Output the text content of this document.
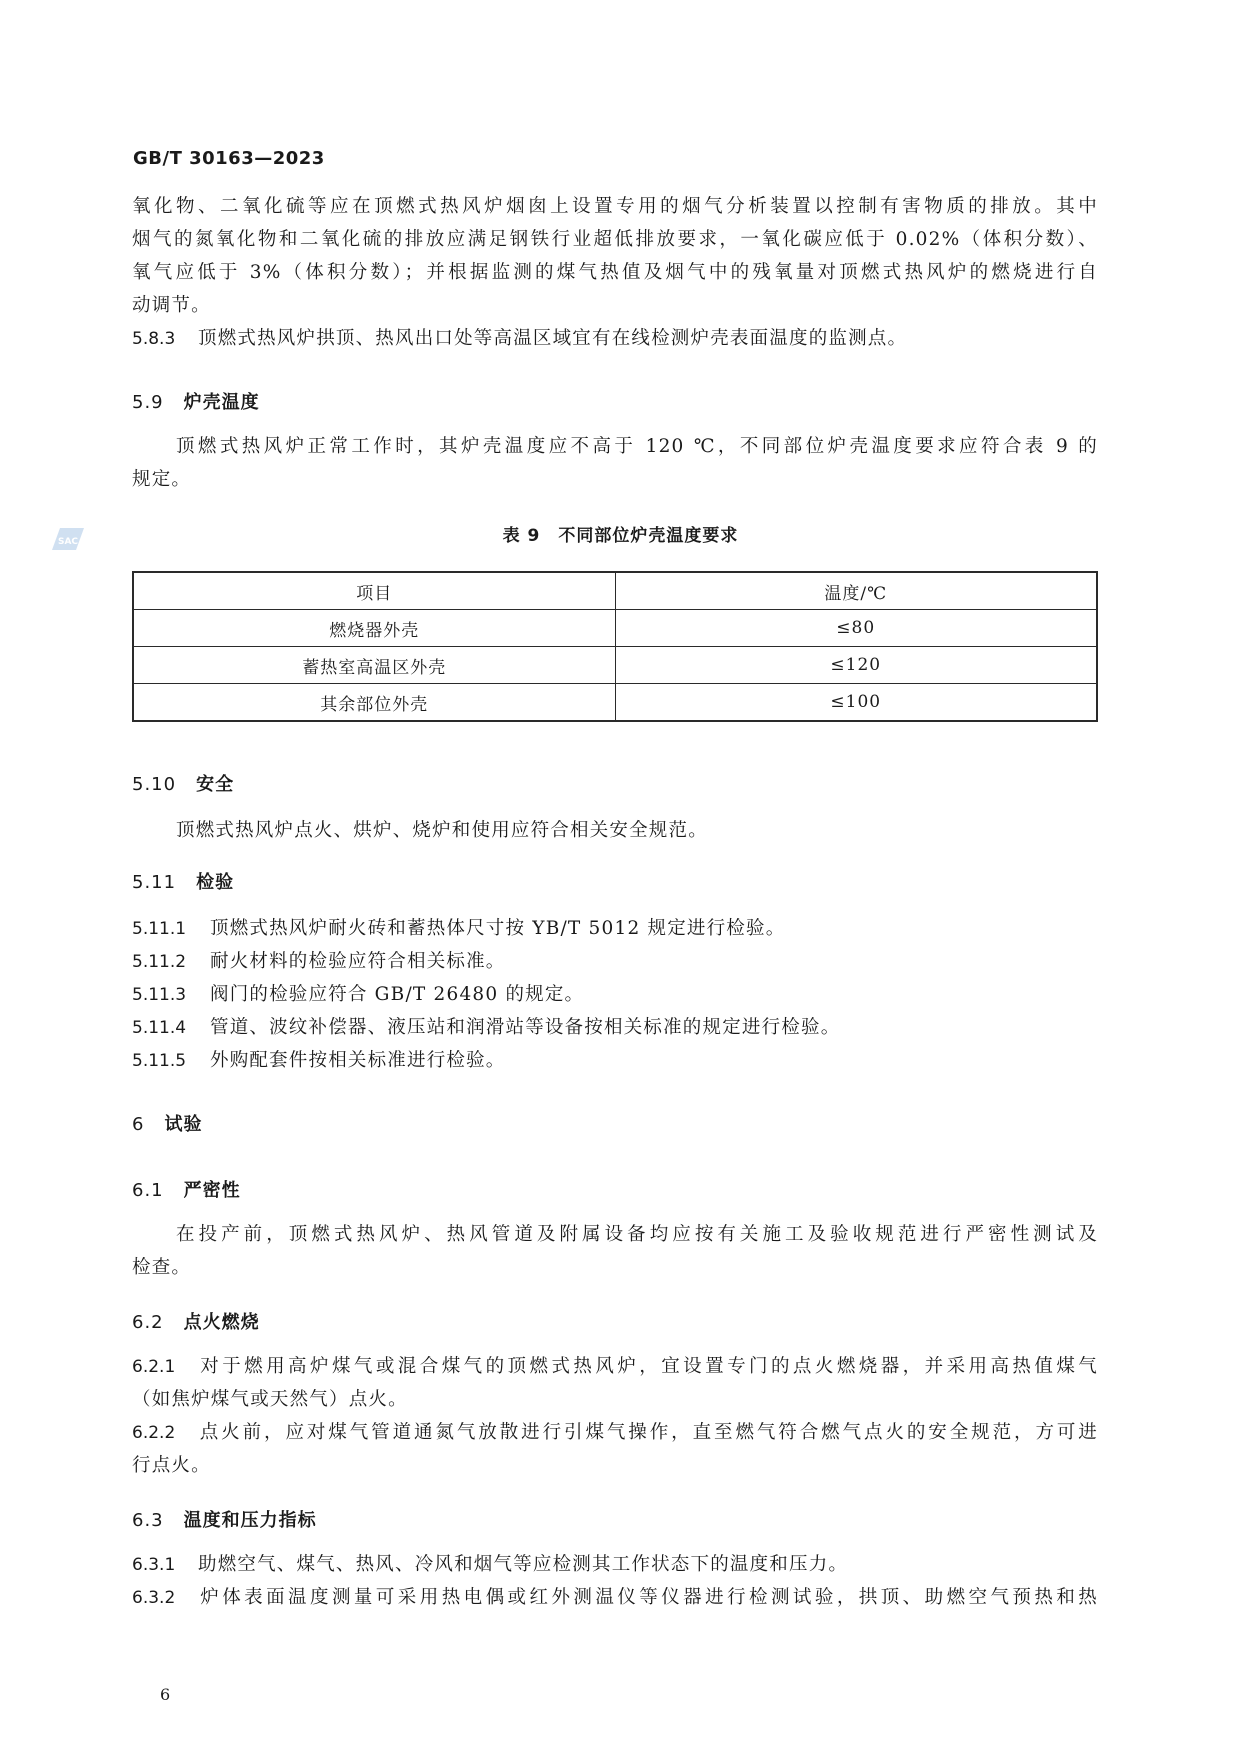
GB/T 30163—2023
氧化物、二氧化硫等应在顶燃式热风炉烟囱上设置专用的烟气分析装置以控制有害物质的排放。其中
烟气的氮氧化物和二氧化硫的排放应满足钢铁行业超低排放要求，一氧化碳应低于 0.02%（体积分数）、
氧气应低于 3%（体积分数）；并根据监测的煤气热值及烟气中的残氧量对顶燃式热风炉的燃烧进行自
动调节。
5.8.3 顶燃式热风炉拱顶、热风出口处等高温区域宜有在线检测炉壳表面温度的监测点。
5.9 炉壳温度
顶燃式热风炉正常工作时，其炉壳温度应不高于 120 ℃，不同部位炉壳温度要求应符合表 9 的
规定。
SAC	表 9　不同部位炉壳温度要求
项目	温度/℃
燃烧器外壳	≤80
蓄热室高温区外壳	≤120
其余部位外壳	≤100
5.10 安全
顶燃式热风炉点火、烘炉、烧炉和使用应符合相关安全规范。
5.11 检验
5.11.1 顶燃式热风炉耐火砖和蓄热体尺寸按 YB/T 5012 规定进行检验。
5.11.2 耐火材料的检验应符合相关标准。
5.11.3 阀门的检验应符合 GB/T 26480 的规定。
5.11.4 管道、波纹补偿器、液压站和润滑站等设备按相关标准的规定进行检验。
5.11.5 外购配套件按相关标准进行检验。
6 试验
6.1 严密性
在投产前，顶燃式热风炉、热风管道及附属设备均应按有关施工及验收规范进行严密性测试及
检查。
6.2 点火燃烧
6.2.1 对于燃用高炉煤气或混合煤气的顶燃式热风炉，宜设置专门的点火燃烧器，并采用高热值煤气
（如焦炉煤气或天然气）点火。
6.2.2 点火前，应对煤气管道通氮气放散进行引煤气操作，直至燃气符合燃气点火的安全规范，方可进
行点火。
6.3 温度和压力指标
6.3.1 助燃空气、煤气、热风、冷风和烟气等应检测其工作状态下的温度和压力。
6.3.2 炉体表面温度测量可采用热电偶或红外测温仪等仪器进行检测试验，拱顶、助燃空气预热和热
6
